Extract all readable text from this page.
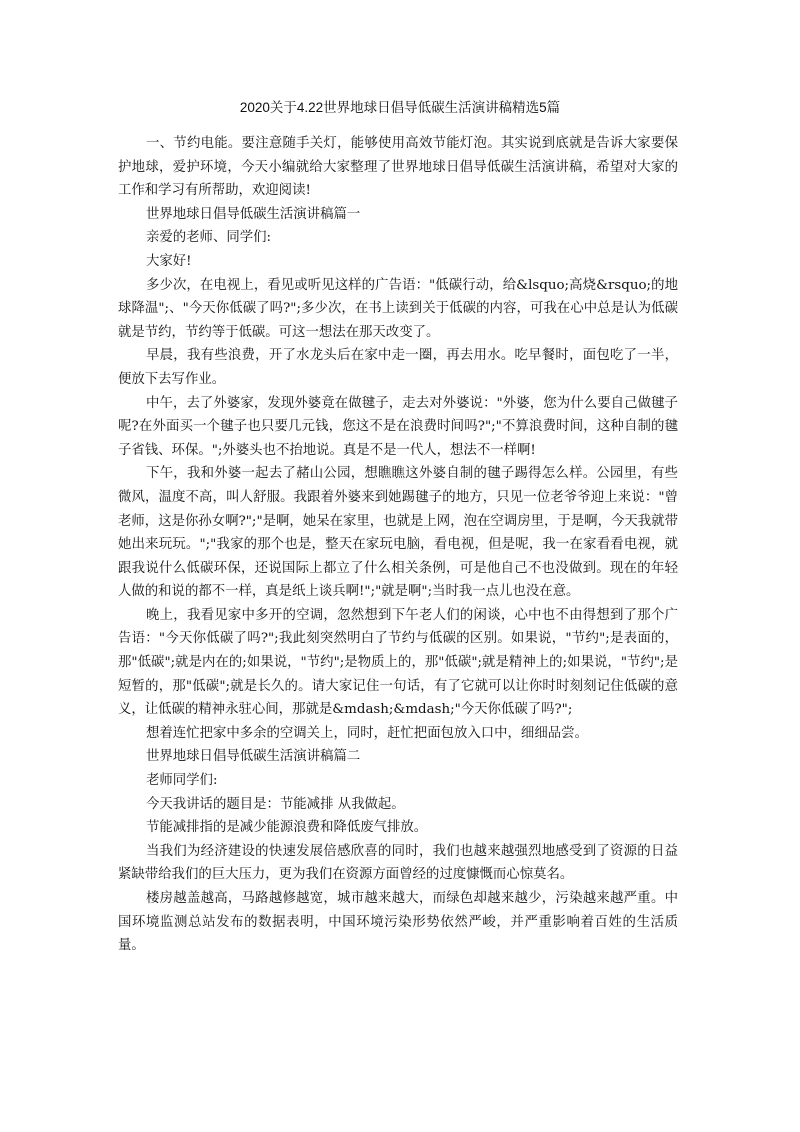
2020关于4.22世界地球日倡导低碳生活演讲稿精选5篇

一、节约电能。要注意随手关灯，能够使用高效节能灯泡。其实说到底就是告诉大家要保护地球，爱护环境，今天小编就给大家整理了世界地球日倡导低碳生活演讲稿，希望对大家的工作和学习有所帮助，欢迎阅读!

世界地球日倡导低碳生活演讲稿篇一

亲爱的老师、同学们:

大家好!

多少次，在电视上，看见或听见这样的广告语："低碳行动，给&lsquo;高烧&rsquo;的地球降温";、"今天你低碳了吗?";多少次，在书上读到关于低碳的内容，可我在心中总是认为低碳就是节约，节约等于低碳。可这一想法在那天改变了。

早晨，我有些浪费，开了水龙头后在家中走一圈，再去用水。吃早餐时，面包吃了一半，便放下去写作业。

中午，去了外婆家，发现外婆竟在做毽子，走去对外婆说："外婆，您为什么要自己做毽子呢?在外面买一个毽子也只要几元钱，您这不是在浪费时间吗?";"不算浪费时间，这种自制的毽子省钱、环保。";外婆头也不抬地说。真是不是一代人，想法不一样啊!

下午，我和外婆一起去了赭山公园，想瞧瞧这外婆自制的毽子踢得怎么样。公园里，有些微风，温度不高，叫人舒服。我跟着外婆来到她踢毽子的地方，只见一位老爷爷迎上来说："曾老师，这是你孙女啊?";"是啊，她呆在家里，也就是上网，泡在空调房里，于是啊，今天我就带她出来玩玩。";"我家的那个也是，整天在家玩电脑，看电视，但是呢，我一在家看看电视，就跟我说什么低碳环保，还说国际上都立了什么相关条例，可是他自己不也没做到。现在的年轻人做的和说的都不一样，真是纸上谈兵啊!";"就是啊";当时我一点儿也没在意。

晚上，我看见家中多开的空调，忽然想到下午老人们的闲谈，心中也不由得想到了那个广告语："今天你低碳了吗?";我此刻突然明白了节约与低碳的区别。如果说，"节约";是表面的，那"低碳";就是内在的;如果说，"节约";是物质上的，那"低碳";就是精神上的;如果说，"节约";是短暂的，那"低碳";就是长久的。请大家记住一句话，有了它就可以让你时时刻刻记住低碳的意义，让低碳的精神永驻心间，那就是&mdash;&mdash;"今天你低碳了吗?";

想着连忙把家中多余的空调关上，同时，赶忙把面包放入口中，细细品尝。

世界地球日倡导低碳生活演讲稿篇二

老师同学们:

今天我讲话的题目是：节能减排 从我做起。

节能减排指的是减少能源浪费和降低废气排放。

当我们为经济建设的快速发展倍感欣喜的同时，我们也越来越强烈地感受到了资源的日益紧缺带给我们的巨大压力，更为我们在资源方面曾经的过度慷慨而心惊莫名。

楼房越盖越高，马路越修越宽，城市越来越大，而绿色却越来越少，污染越来越严重。中国环境监测总站发布的数据表明，中国环境污染形势依然严峻，并严重影响着百姓的生活质量。
